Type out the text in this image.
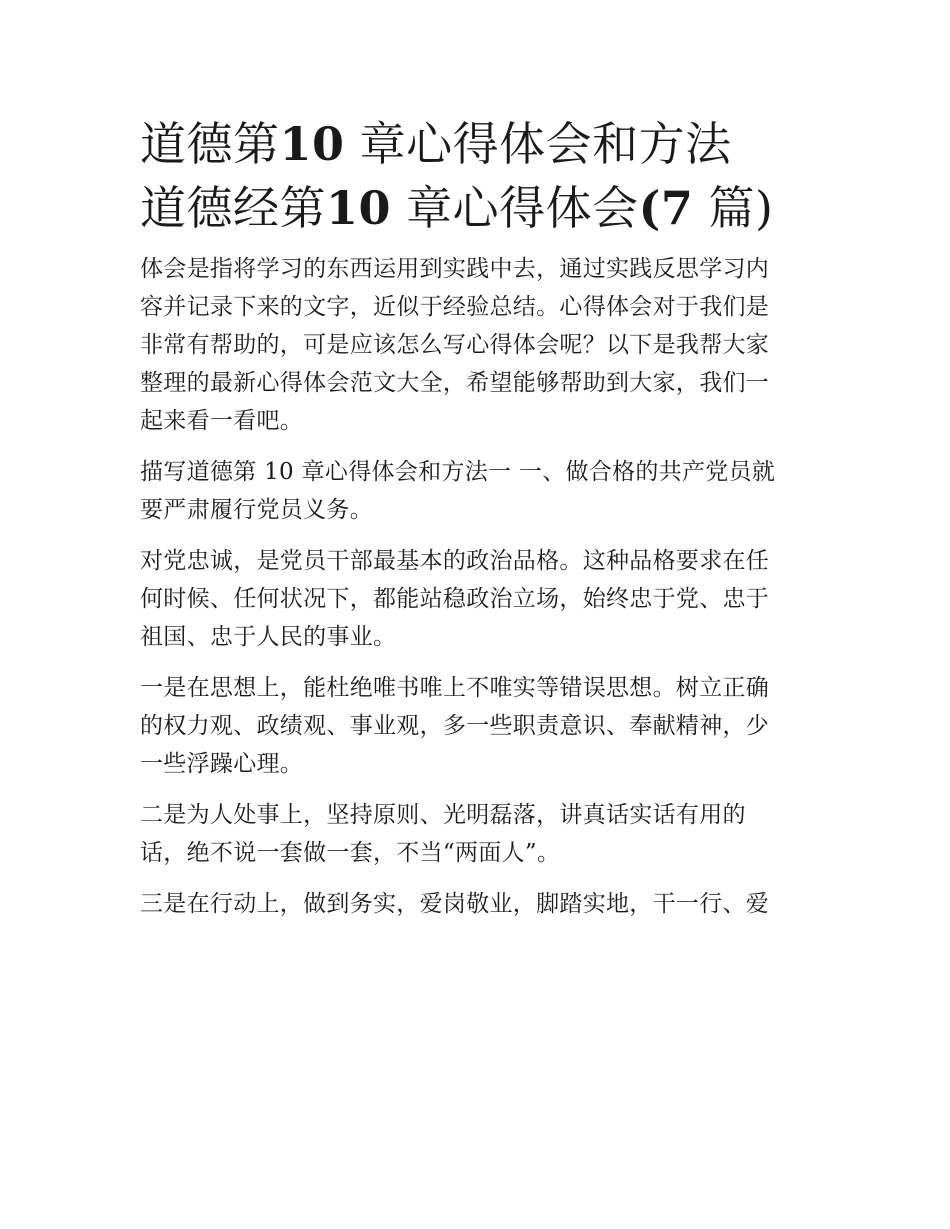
道德第10 章心得体会和方法
道德经第10 章心得体会(7 篇)

体会是指将学习的东西运用到实践中去，通过实践反思学习内
容并记录下来的文字，近似于经验总结。心得体会对于我们是
非常有帮助的，可是应该怎么写心得体会呢？以下是我帮大家
整理的最新心得体会范文大全，希望能够帮助到大家，我们一
起来看一看吧。

描写道德第 10 章心得体会和方法一 一、做合格的共产党员就
要严肃履行党员义务。

对党忠诚，是党员干部最基本的政治品格。这种品格要求在任
何时候、任何状况下，都能站稳政治立场，始终忠于党、忠于
祖国、忠于人民的事业。

一是在思想上，能杜绝唯书唯上不唯实等错误思想。树立正确
的权力观、政绩观、事业观，多一些职责意识、奉献精神，少
一些浮躁心理。

二是为人处事上，坚持原则、光明磊落，讲真话实话有用的
话，绝不说一套做一套，不当“两面人”。

三是在行动上，做到务实，爱岗敬业，脚踏实地，干一行、爱
